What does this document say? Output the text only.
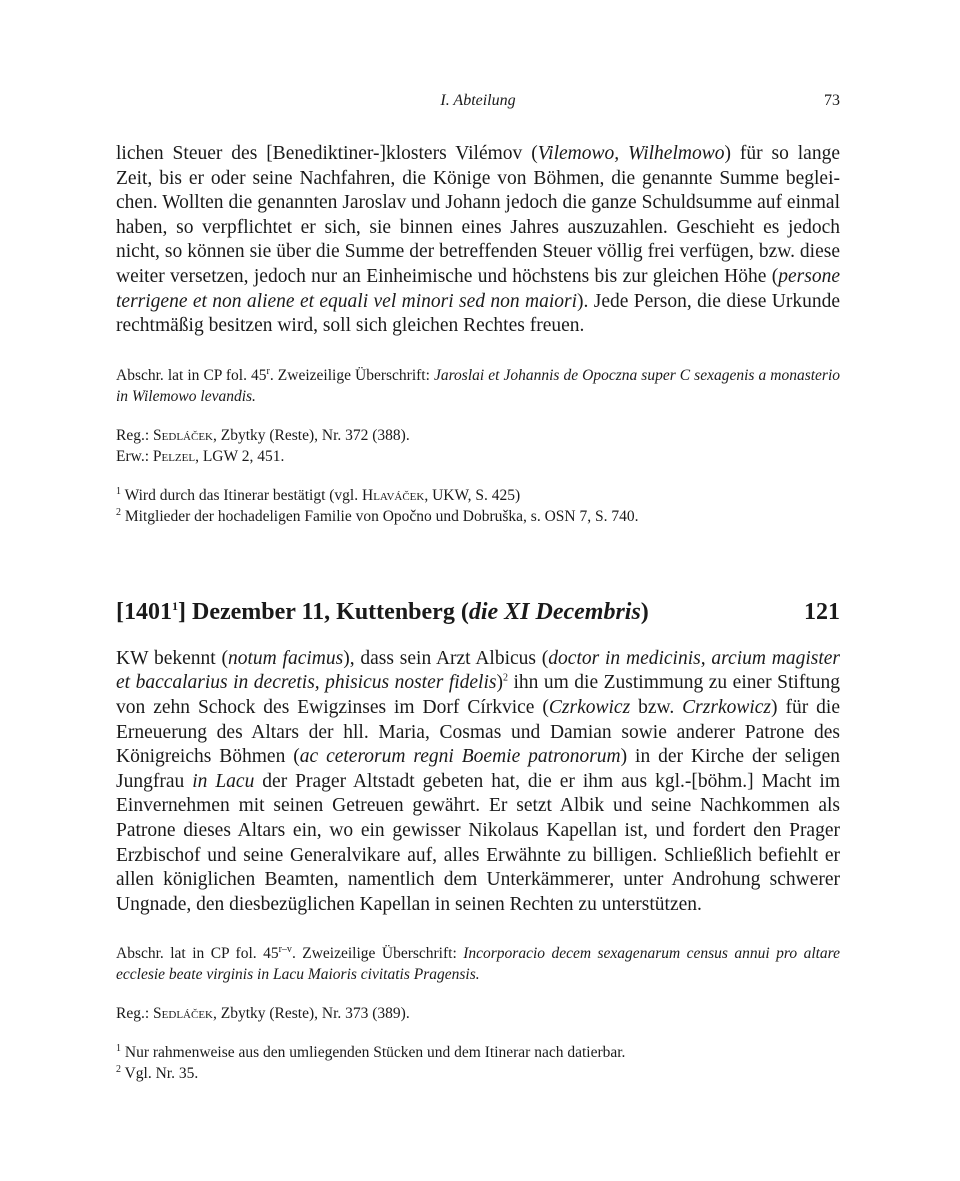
I. Abteilung	73

lichen Steuer des [Benediktiner-]klosters Vilémov (Vilemowo, Wilhelmowo) für so lange Zeit, bis er oder seine Nachfahren, die Könige von Böhmen, die genannte Summe begleichen. Wollten die genannten Jaroslav und Johann jedoch die ganze Schuldsumme auf einmal haben, so verpflichtet er sich, sie binnen eines Jahres auszuzahlen. Geschieht es jedoch nicht, so können sie über die Summe der betreffenden Steuer völlig frei verfügen, bzw. diese weiter versetzen, jedoch nur an Einheimische und höchstens bis zur gleichen Höhe (persone terrigene et non aliene et equali vel minori sed non maiori). Jede Person, die diese Urkunde rechtmäßig besitzen wird, soll sich gleichen Rechtes freuen.

Abschr. lat in CP fol. 45$^r$. Zweizeilige Überschrift: Jaroslai et Johannis de Opoczna super C sexagenis a monasterio in Wilemowo levandis.

Reg.: Sedláček, Zbytky (Reste), Nr. 372 (388).
Erw.: Pelzel, LGW 2, 451.
$^1$ Wird durch das Itinerar bestätigt (vgl. Hlaváček, UKW, S. 425)
$^2$ Mitglieder der hochadeligen Familie von Opočno und Dobruška, s. OSN 7, S. 740.
[1401$^1$] Dezember 11, Kuttenberg (die XI Decembris)	121

KW bekennt (notum facimus), dass sein Arzt Albicus (doctor in medicinis, arcium magister et baccalarius in decretis, phisicus noster fidelis)$^2$ ihn um die Zustimmung zu einer Stiftung von zehn Schock des Ewigzinses im Dorf Církvice (Czrkowicz bzw. Crzrkowicz) für die Erneuerung des Altars der hll. Maria, Cosmas und Damian sowie anderer Patrone des Königreichs Böhmen (ac ceterorum regni Boemie patronorum) in der Kirche der seligen Jungfrau in Lacu der Prager Altstadt gebeten hat, die er ihm aus kgl.-[böhm.] Macht im Einvernehmen mit seinen Getreuen gewährt. Er setzt Albik und seine Nachkommen als Patrone dieses Altars ein, wo ein gewisser Nikolaus Kapellan ist, und fordert den Prager Erzbischof und seine Generalvikare auf, alles Erwähnte zu billigen. Schließlich befiehlt er allen königlichen Beamten, namentlich dem Unterkämmerer, unter Androhung schwerer Ungnade, den diesbezüglichen Kapellan in seinen Rechten zu unterstützen.

Abschr. lat in CP fol. 45$^{r-v}$. Zweizeilige Überschrift: Incorporacio decem sexagenarum census annui pro altare ecclesie beate virginis in Lacu Maioris civitatis Pragensis.

Reg.: Sedláček, Zbytky (Reste), Nr. 373 (389).
$^1$ Nur rahmenweise aus den umliegenden Stücken und dem Itinerar nach datierbar.
$^2$ Vgl. Nr. 35.
